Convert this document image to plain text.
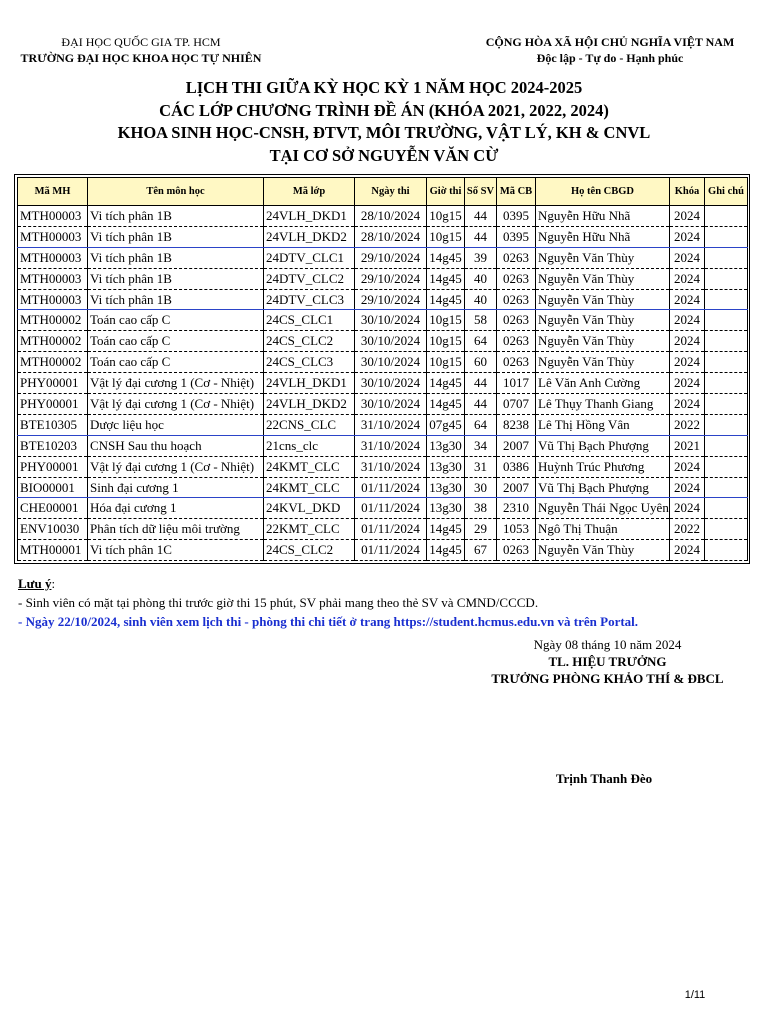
ĐẠI HỌC QUỐC GIA TP. HCM
TRƯỜNG ĐẠI HỌC KHOA HỌC TỰ NHIÊN
CỘNG HÒA XÃ HỘI CHỦ NGHĨA VIỆT NAM
Độc lập - Tự do - Hạnh phúc
LỊCH THI GIỮA KỲ HỌC KỲ 1 NĂM HỌC 2024-2025
CÁC LỚP CHƯƠNG TRÌNH ĐỀ ÁN (KHÓA 2021, 2022, 2024)
KHOA SINH HỌC-CNSH, ĐTVT, MÔI TRƯỜNG, VẬT LÝ, KH & CNVL
TẠI CƠ SỞ NGUYỄN VĂN CỪ
Mã MH	Tên môn học	Mã lớp	Ngày thi	Giờ thi	Số SV	Mã CB	Họ tên CBGD	Khóa	Ghi chú
MTH00003	Vi tích phân 1B	24VLH_DKD1	28/10/2024	10g15	44	0395	Nguyễn Hữu Nhã	2024	
MTH00003	Vi tích phân 1B	24VLH_DKD2	28/10/2024	10g15	44	0395	Nguyễn Hữu Nhã	2024	
MTH00003	Vi tích phân 1B	24DTV_CLC1	29/10/2024	14g45	39	0263	Nguyễn Văn Thùy	2024	
MTH00003	Vi tích phân 1B	24DTV_CLC2	29/10/2024	14g45	40	0263	Nguyễn Văn Thùy	2024	
MTH00003	Vi tích phân 1B	24DTV_CLC3	29/10/2024	14g45	40	0263	Nguyễn Văn Thùy	2024	
MTH00002	Toán cao cấp C	24CS_CLC1	30/10/2024	10g15	58	0263	Nguyễn Văn Thùy	2024	
MTH00002	Toán cao cấp C	24CS_CLC2	30/10/2024	10g15	64	0263	Nguyễn Văn Thùy	2024	
MTH00002	Toán cao cấp C	24CS_CLC3	30/10/2024	10g15	60	0263	Nguyễn Văn Thùy	2024	
PHY00001	Vật lý đại cương 1 (Cơ - Nhiệt)	24VLH_DKD1	30/10/2024	14g45	44	1017	Lê Văn Anh Cường	2024	
PHY00001	Vật lý đại cương 1 (Cơ - Nhiệt)	24VLH_DKD2	30/10/2024	14g45	44	0707	Lê Thụy Thanh Giang	2024	
BTE10305	Dược liệu học	22CNS_CLC	31/10/2024	07g45	64	8238	Lê Thị Hồng Vân	2022	
BTE10203	CNSH Sau thu hoạch	21cns_clc	31/10/2024	13g30	34	2007	Vũ Thị Bạch Phượng	2021	
PHY00001	Vật lý đại cương 1 (Cơ - Nhiệt)	24KMT_CLC	31/10/2024	13g30	31	0386	Huỳnh Trúc Phương	2024	
BIO00001	Sinh đại cương 1	24KMT_CLC	01/11/2024	13g30	30	2007	Vũ Thị Bạch Phượng	2024	
CHE00001	Hóa đại cương 1	24KVL_DKD	01/11/2024	13g30	38	2310	Nguyễn Thái Ngọc Uyên	2024	
ENV10030	Phân tích dữ liệu môi trường	22KMT_CLC	01/11/2024	14g45	29	1053	Ngô Thị Thuận	2022	
MTH00001	Vi tích phân 1C	24CS_CLC2	01/11/2024	14g45	67	0263	Nguyễn Văn Thùy	2024	
Lưu ý:
- Sinh viên có mặt tại phòng thi trước giờ thi 15 phút, SV phải mang theo thẻ SV và CMND/CCCD.
- Ngày 22/10/2024, sinh viên xem lịch thi - phòng thi chi tiết ở trang https://student.hcmus.edu.vn và trên Portal.
Ngày 08 tháng 10 năm 2024
TL. HIỆU TRƯỞNG
TRƯỞNG PHÒNG KHẢO THÍ & ĐBCL
Trịnh Thanh Đèo
1/11
